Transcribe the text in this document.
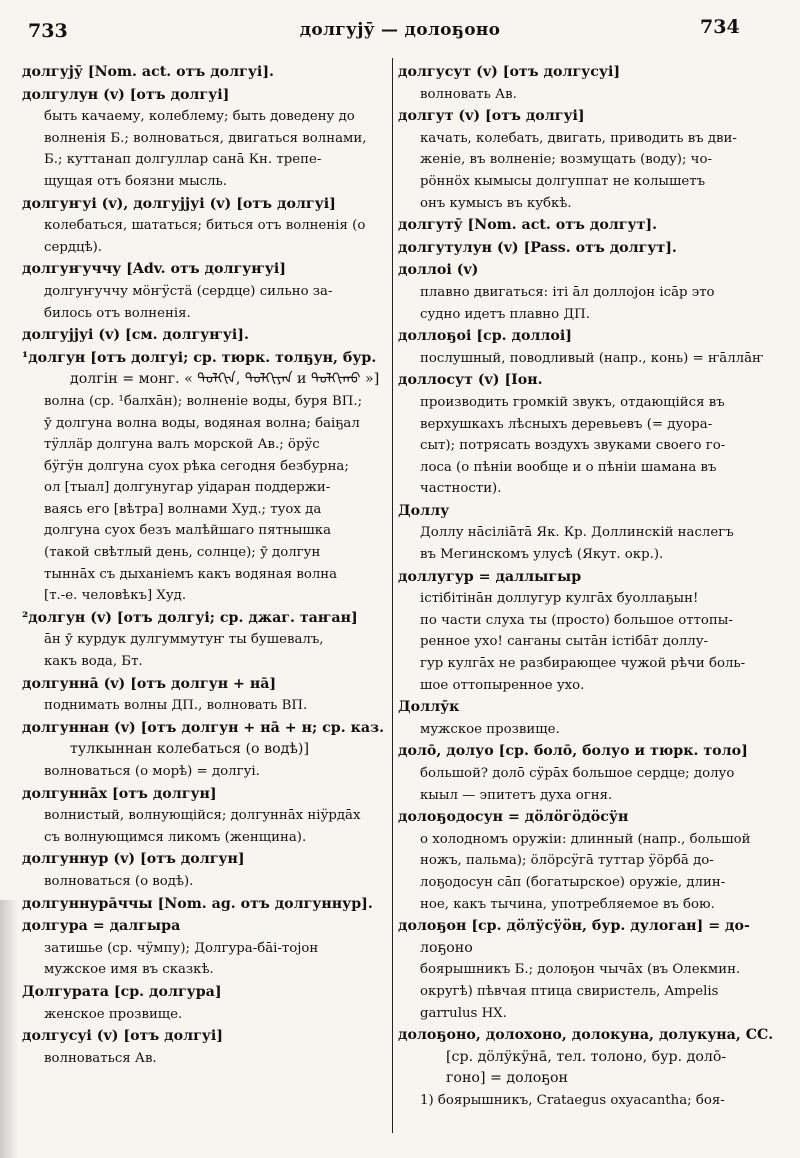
733	долгујӯ — долоҕоно	734
долгујӯ [Nom. act. отъ долгуі].
долгулун (v) [отъ долгуі]
быть качаему, колеблему; быть доведену до
волненія Б.; волноваться, двигаться волнами,
Б.; куттанап долгуллар санā Кн. трепе-
щущая отъ боязни мысль.
долгуҥуі (v), долгујјуі (v) [отъ долгуі]
колебаться, шататься; биться отъ волненія (о
сердцѣ).
долгуҥуччу [Adv. отъ долгуҥуі]
долгуҥуччу мӧҥӱстӓ (сердце) сильно за-
билось отъ волненія.
долгујјуі (v) [см. долгуҥуі].
¹долгун [отъ долгуі; ср. тюрк. толҕун, бур.
долгін = монг. « ᠳᠣᠯᠭᠢᠨ, ᠳᠣᠯᠭᠢᠶᠠᠨ и ᠳᠣᠯᠭᠢᠬᠤ »]
волна (ср. ¹балхāн); волненіе воды, буря ВП.;
ӯ долгуна волна воды, водяная волна; баіҕал
тӱллӓр долгуна валъ морской Ав.; ӧрӱс
бӱгӱн долгуна суох рѣка сегодня безбурна;
ол [тыал] долгунугар уідаран поддержи-
ваясь его [вѣтра] волнами Худ.; туох да
долгуна суох безъ малѣйшаго пятнышка
(такой свѣтлый день, солнце); ӯ долгун
тыннāх съ дыханіемъ какъ водяная волна
[т.-е. человѣкъ] Худ.
²долгун (v) [отъ долгуі; ср. джаг. таҥан]
āн ӯ курдук дулгуммутуҥ ты бушевалъ,
какъ вода, Бт.
долгуннā (v) [отъ долгун + нā]
поднимать волны ДП., волновать ВП.
долгуннан (v) [отъ долгун + нā + н; ср. каз.
тулкыннан колебаться (о водѣ)]
волноваться (о морѣ) = долгуі.
долгуннāх [отъ долгун]
волнистый, волнующійся; долгуннāх ніӱрдāх
съ волнующимся ликомъ (женщина).
долгуннур (v) [отъ долгун]
волноваться (о водѣ).
долгуннурāччы [Nom. ag. отъ долгуннур].
долгура = далгыра
затишье (ср. чӱмпу); Долгура-бāі-тојон
мужское имя въ сказкѣ.
Долгурата [ср. долгура]
женское прозвище.
долгусуі (v) [отъ долгуі]
волноваться Ав.
долгусут (v) [отъ долгусуі]
волновать Ав.
долгут (v) [отъ долгуі]
качать, колебать, двигать, приводить въ дви-
женіе, въ волненіе; возмущать (воду); чо-
рӧннӧх кымысы долгуппат не колышетъ
онъ кумысъ въ кубкѣ.
долгутӯ [Nom. act. отъ долгут].
долгутулун (v) [Pass. отъ долгут].
доллоі (v)
плавно двигаться: іті āл доллојон ісāр это
судно идетъ плавно ДП.
доллоҕоі [ср. доллоі]
послушный, поводливый (напр., конь) = ҥāллāҥ
доллосут (v) [Іон.
производить громкій звукъ, отдающійся въ
верхушкахъ лѣсныхъ деревьевъ (= дуора-
сыт); потрясать воздухъ звуками своего го-
лоса (о пѣніи вообще и о пѣніи шамана въ
частности).
Доллу
Доллу нāсілiāтā Як. Кр. Доллинскій наслегъ
въ Мегинскомъ улусѣ (Якут. окр.).
доллугур = даллыгыр
iстiбiтiнāн доллугур кулгāх буоллаҕын!
по части слуха ты (просто) большое оттопы-
ренное ухо! саҥаны сытāн iстiбāт доллу-
гур кулгāх не разбирающее чужой рѣчи боль-
шое оттопыренное ухо.
Доллӯк
мужское прозвище.
долō, долуо [ср. болō, болуо и тюрк. толо]
большой? долō сӱрāх большое сердце; долуо
кыыл — эпитетъ духа огня.
долоҕодосун = дӧлӧгӧдӧсӱн
о холодномъ оружіи: длинный (напр., большой
ножъ, пальма); ӧлӧрсӱгā туттар ӱӧрбā до-
лоҕодосун сāп (богатырское) оружіе, длин-
ное, какъ тычина, употребляемое въ бою.
долоҕон [ср. дӧлӱсӱӧн, бур. дулоган] = до-
лоҕоно
боярышникъ Б.; долоҕон чычāх (въ Олекмин.
округѣ) пѣвчая птица свиристель, Ampelis
garrulus НХ.
долоҕоно, долохоно, долокуна, долукуна, СС.
[ср. дӧлӱкӱнā, тел. толоно, бур. долō-
гоно] = долоҕон
1) боярышникъ, Crataegus oxyacantha; боя-
